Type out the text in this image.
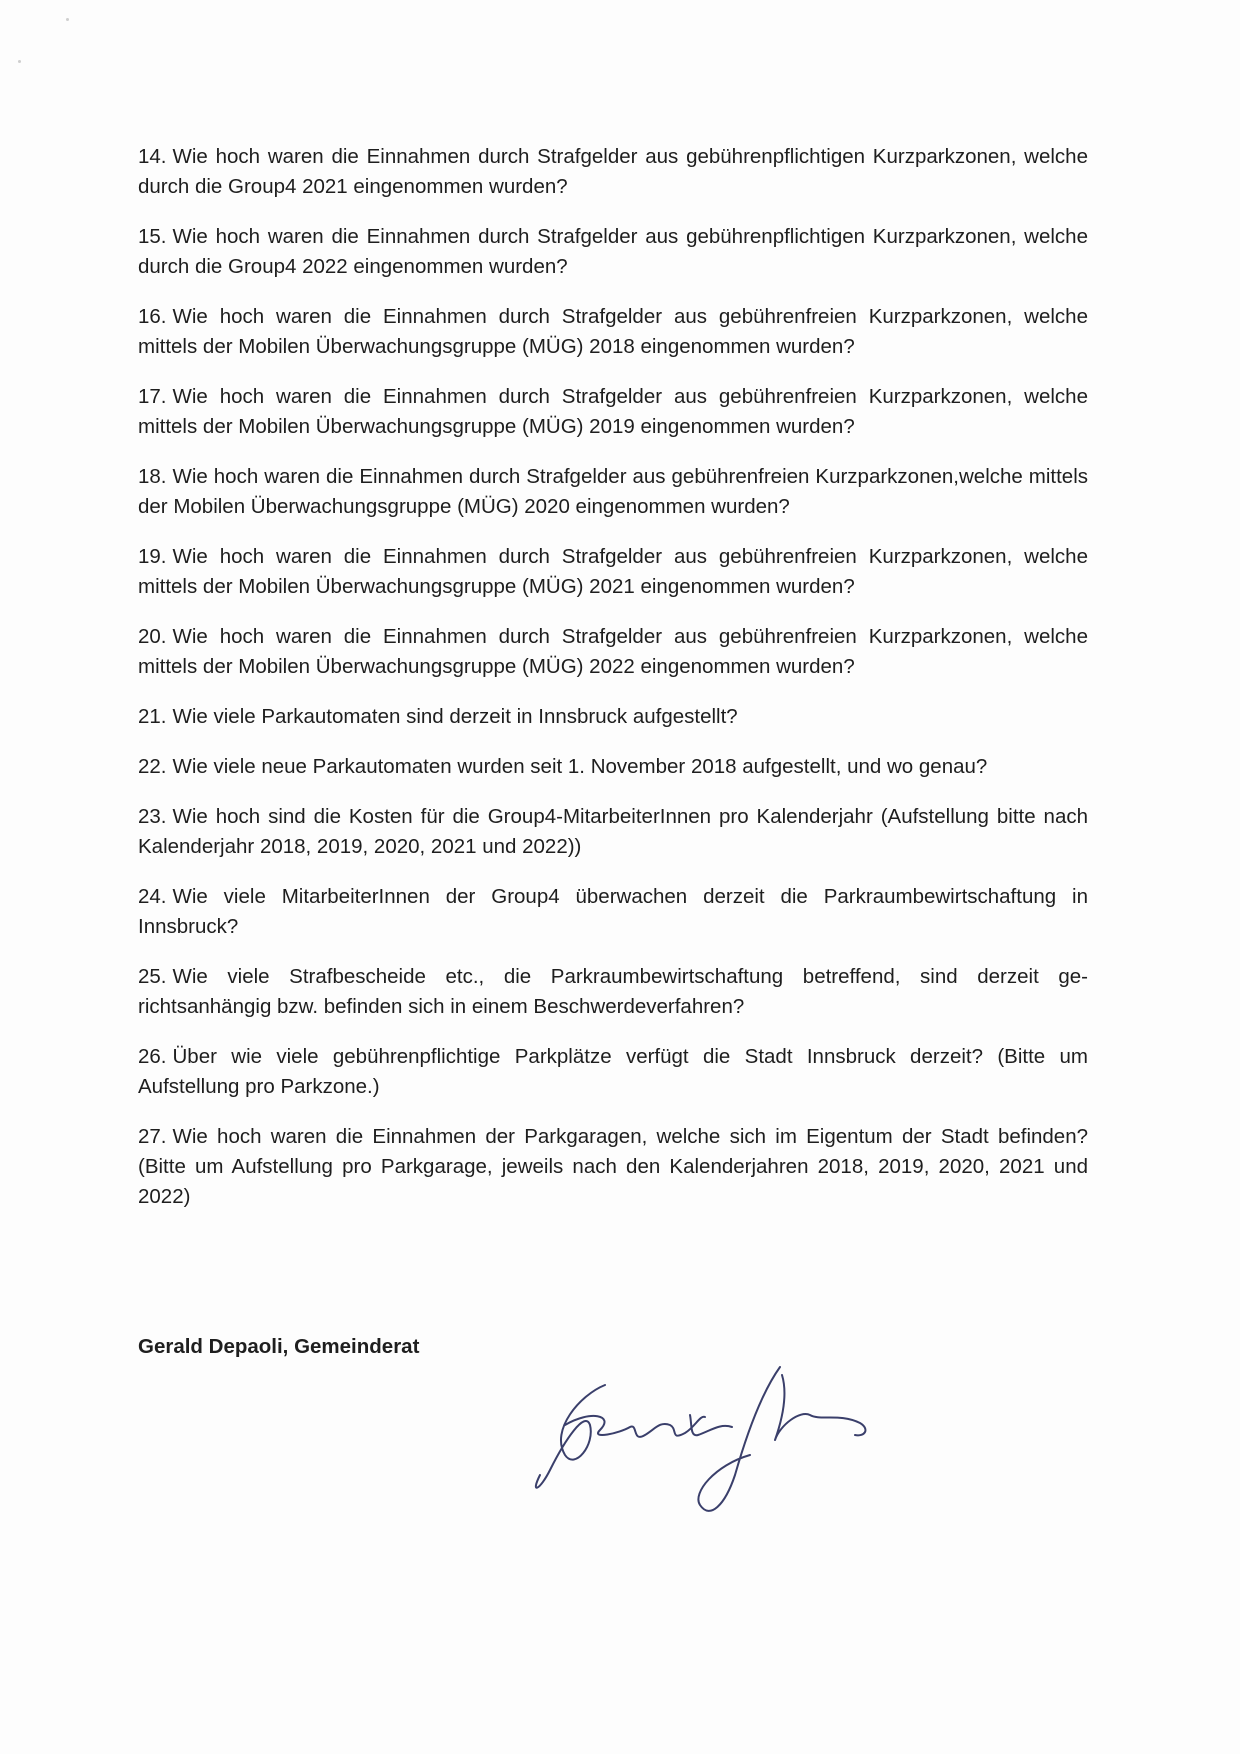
14. Wie hoch waren die Einnahmen durch Strafgelder aus gebührenpflichtigen Kurzparkzonen, welche durch die Group4 2021 eingenommen wurden?
15. Wie hoch waren die Einnahmen durch Strafgelder aus gebührenpflichtigen Kurzparkzonen, welche durch die Group4 2022 eingenommen wurden?
16. Wie hoch waren die Einnahmen durch Strafgelder aus gebührenfreien Kurzparkzonen, welche mittels der Mobilen Überwachungsgruppe (MÜG) 2018 eingenommen wurden?
17. Wie hoch waren die Einnahmen durch Strafgelder aus gebührenfreien Kurzparkzonen, welche mittels der Mobilen Überwachungsgruppe (MÜG) 2019 eingenommen wurden?
18. Wie hoch waren die Einnahmen durch Strafgelder aus gebührenfreien Kurzparkzonen,welche mittels der Mobilen Überwachungsgruppe (MÜG) 2020 eingenommen wurden?
19. Wie hoch waren die Einnahmen durch Strafgelder aus gebührenfreien Kurzparkzonen, welche mittels der Mobilen Überwachungsgruppe (MÜG) 2021 eingenommen wurden?
20. Wie hoch waren die Einnahmen durch Strafgelder aus gebührenfreien Kurzparkzonen, welche mittels der Mobilen Überwachungsgruppe (MÜG) 2022 eingenommen wurden?
21. Wie viele Parkautomaten sind derzeit in Innsbruck aufgestellt?
22. Wie viele neue Parkautomaten wurden seit 1. November 2018 aufgestellt, und wo genau?
23. Wie hoch sind die Kosten für die Group4-MitarbeiterInnen pro Kalenderjahr (Aufstellung bitte nach Kalenderjahr 2018, 2019, 2020, 2021 und 2022))
24. Wie viele MitarbeiterInnen der Group4 überwachen derzeit die Parkraumbewirtschaftung in Innsbruck?
25. Wie viele Strafbescheide etc., die Parkraumbewirtschaftung betreffend, sind derzeit gerichtsanhängig bzw. befinden sich in einem Beschwerdeverfahren?
26. Über wie viele gebührenpflichtige Parkplätze verfügt die Stadt Innsbruck derzeit? (Bitte um Aufstellung pro Parkzone.)
27. Wie hoch waren die Einnahmen der Parkgaragen, welche sich im Eigentum der Stadt befinden? (Bitte um Aufstellung pro Parkgarage, jeweils nach den Kalenderjahren 2018, 2019, 2020, 2021 und 2022)

Gerald Depaoli, Gemeinderat
